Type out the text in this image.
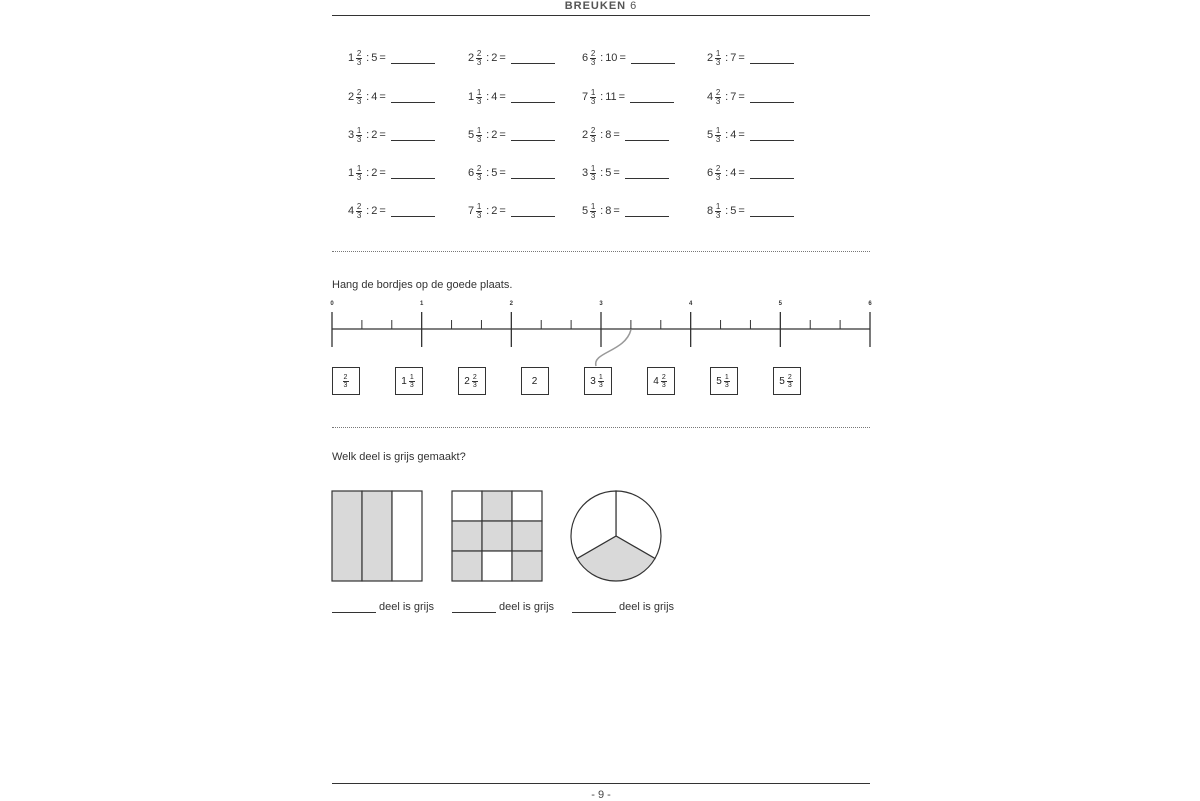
BREUKEN 6
$1 \frac{2}{3}$ : 5 =	$2 \frac{2}{3}$ : 2 =	$6 \frac{2}{3}$ : 10 =	$2 \frac{1}{3}$ : 7 =
$2 \frac{2}{3}$ : 4 =	$1 \frac{1}{3}$ : 4 =	$7 \frac{1}{3}$ : 11 =	$4 \frac{2}{3}$ : 7 =
$3 \frac{1}{3}$ : 2 =	$5 \frac{1}{3}$ : 2 =	$2 \frac{2}{3}$ : 8 =	$5 \frac{1}{3}$ : 4 =
$1 \frac{1}{3}$ : 2 =	$6 \frac{2}{3}$ : 5 =	$3 \frac{1}{3}$ : 5 =	$6 \frac{2}{3}$ : 4 =
$4 \frac{2}{3}$ : 2 =	$7 \frac{1}{3}$ : 2 =	$5 \frac{1}{3}$ : 8 =	$8 \frac{1}{3}$ : 5 =
Hang de bordjes op de goede plaats.
0	1	2	3	4	5	6
$\frac{2}{3}$	$1 \frac{1}{3}$	$2 \frac{2}{3}$	2	$3 \frac{1}{3}$	$4 \frac{2}{3}$	$5 \frac{1}{3}$	$5 \frac{2}{3}$
Welk deel is grijs gemaakt?
deel is grijs	deel is grijs	deel is grijs
- 9 -
